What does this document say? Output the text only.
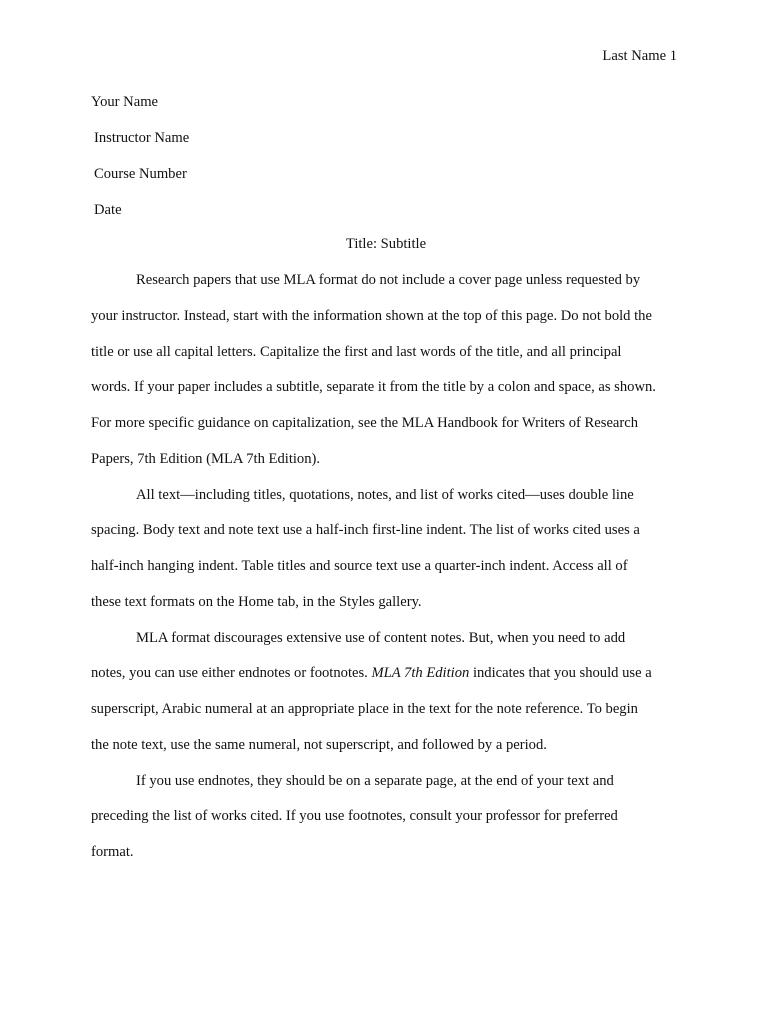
Last Name 1
Your Name
Instructor Name
Course Number
Date
Title: Subtitle
Research papers that use MLA format do not include a cover page unless requested by
your instructor. Instead, start with the information shown at the top of this page. Do not bold the
title or use all capital letters. Capitalize the first and last words of the title, and all principal
words. If your paper includes a subtitle, separate it from the title by a colon and space, as shown.
For more specific guidance on capitalization, see the MLA Handbook for Writers of Research
Papers, 7th Edition (MLA 7th Edition).
All text—including titles, quotations, notes, and list of works cited—uses double line
spacing. Body text and note text use a half-inch first-line indent. The list of works cited uses a
half-inch hanging indent. Table titles and source text use a quarter-inch indent. Access all of
these text formats on the Home tab, in the Styles gallery.
MLA format discourages extensive use of content notes. But, when you need to add
notes, you can use either endnotes or footnotes. MLA 7th Edition indicates that you should use a
superscript, Arabic numeral at an appropriate place in the text for the note reference. To begin
the note text, use the same numeral, not superscript, and followed by a period.
If you use endnotes, they should be on a separate page, at the end of your text and
preceding the list of works cited. If you use footnotes, consult your professor for preferred
format.
